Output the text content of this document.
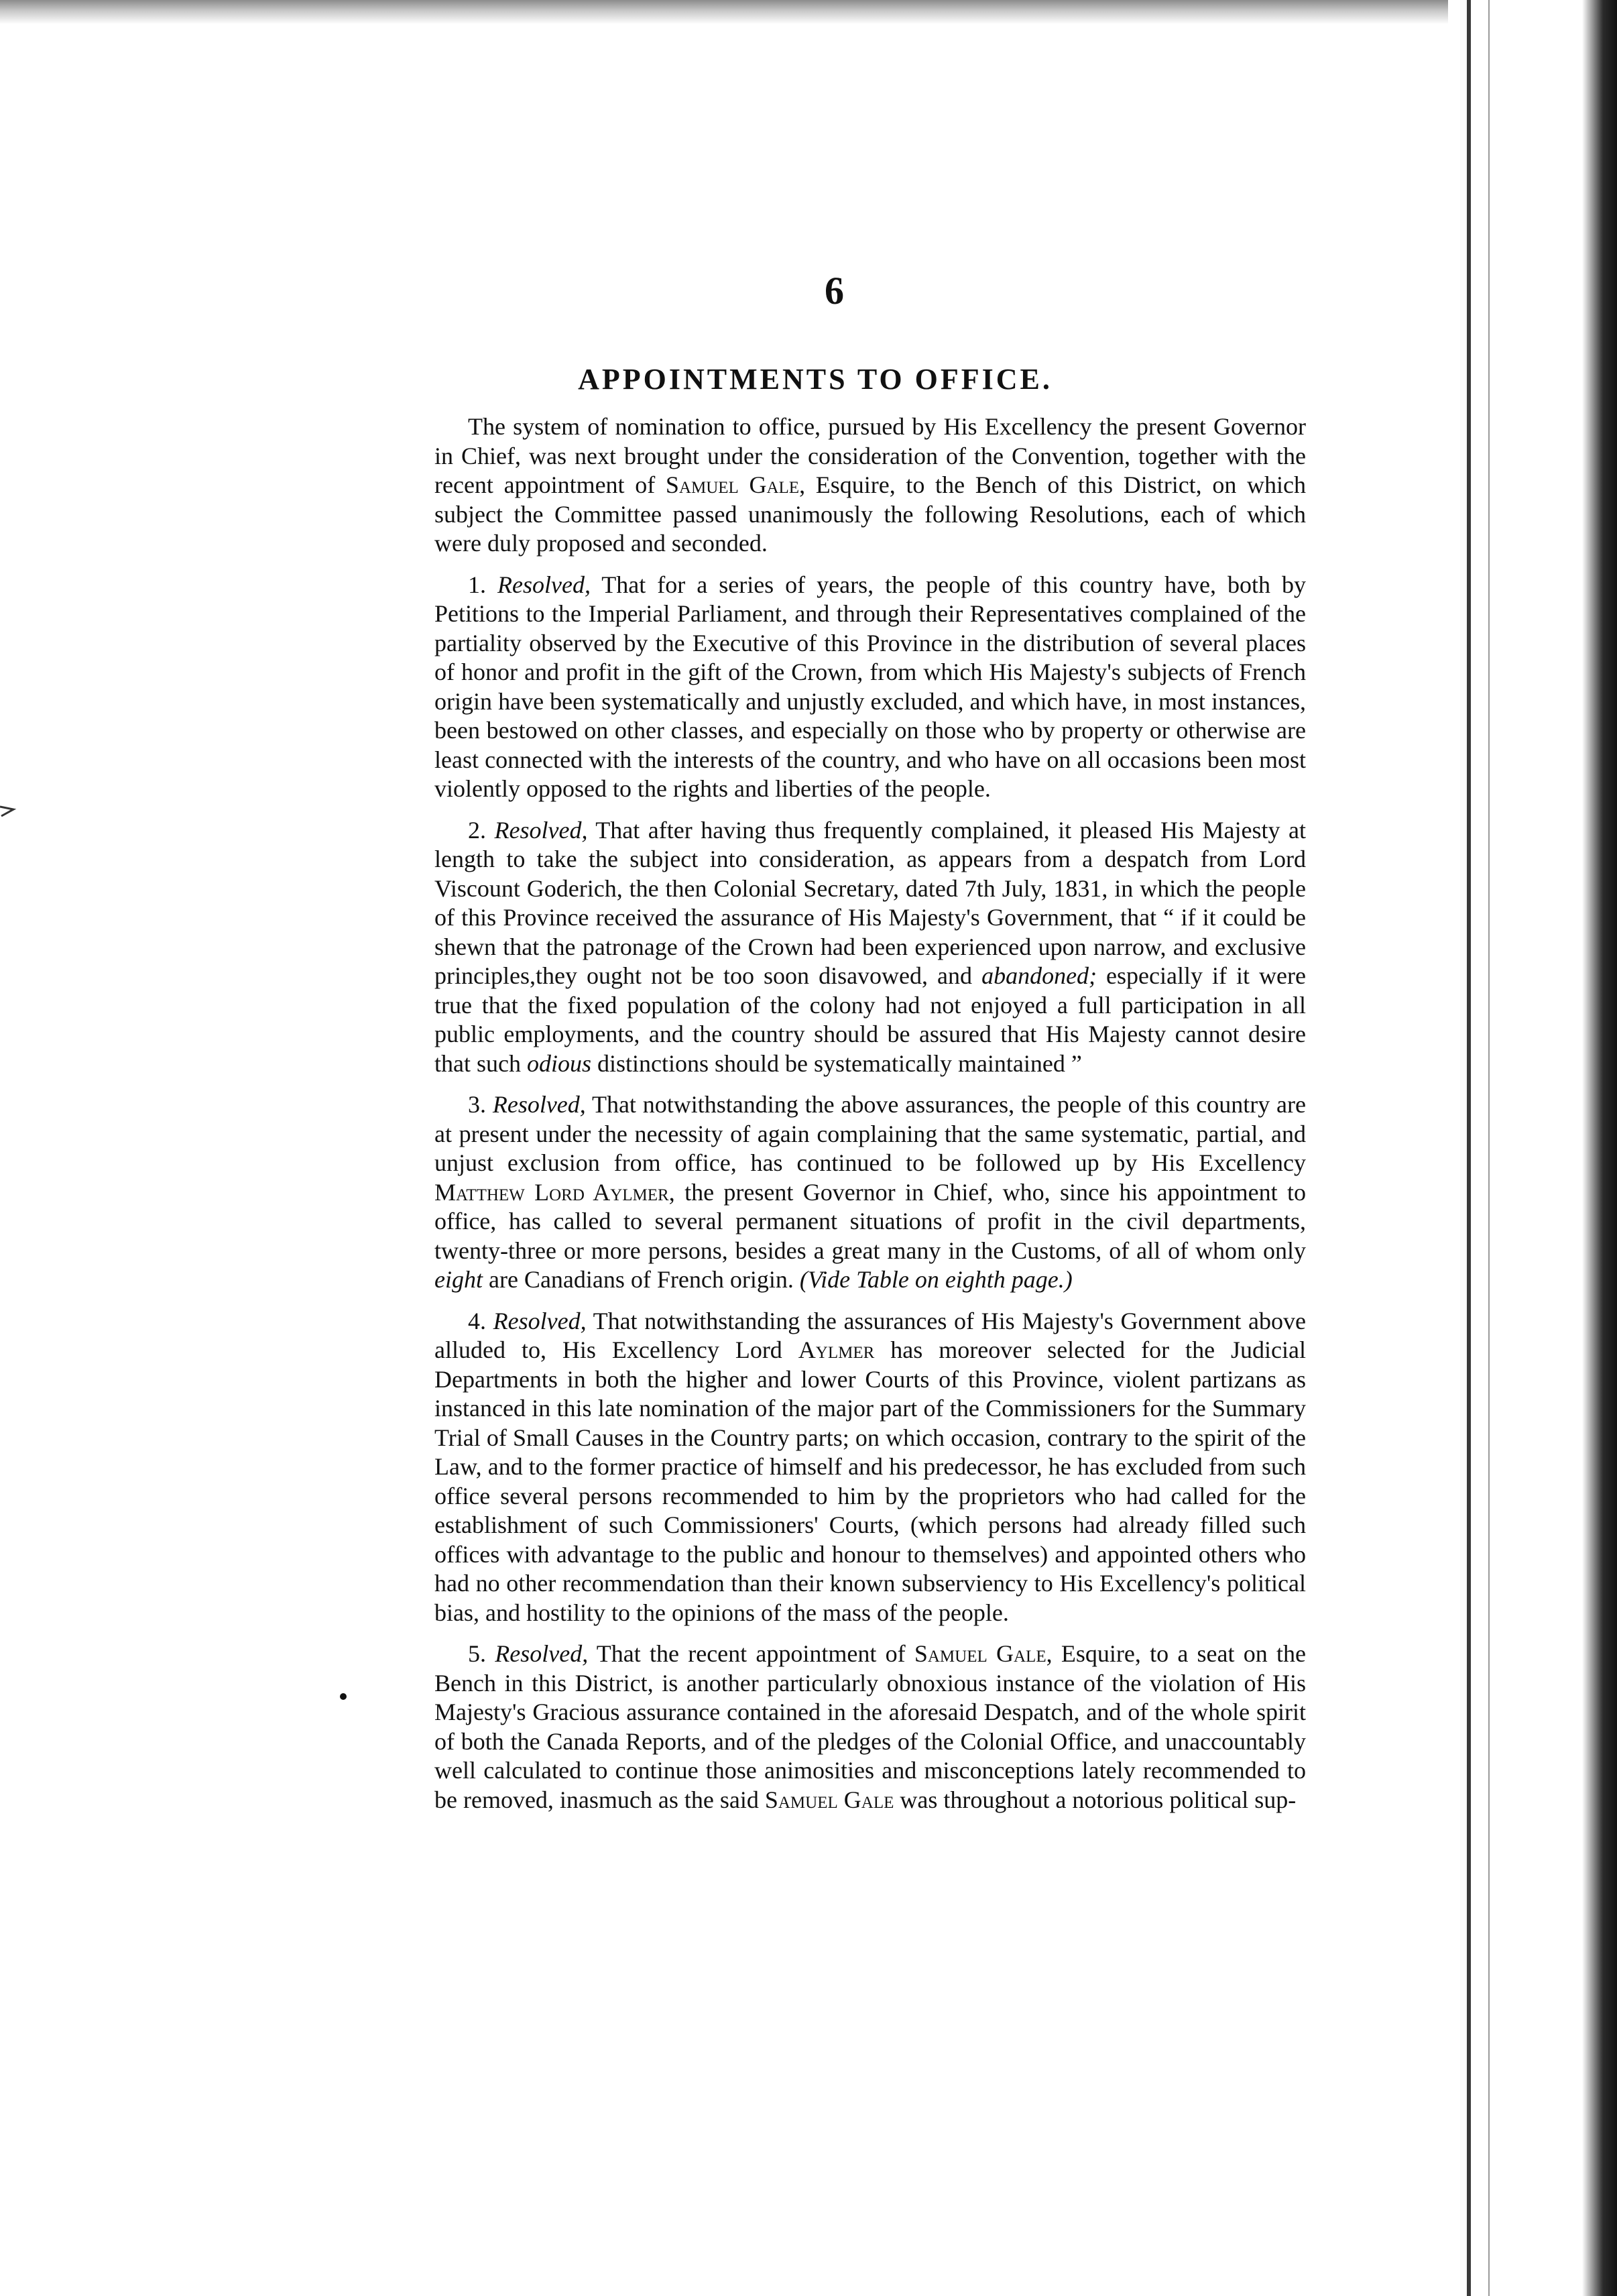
6
APPOINTMENTS TO OFFICE.

The system of nomination to office, pursued by His Excellency the present Governor in Chief, was next brought under the consideration of the Convention, together with the recent appointment of Samuel Gale, Esquire, to the Bench of this District, on which subject the Committee passed unanimously the following Resolutions, each of which were duly proposed and seconded.

1. Resolved, That for a series of years, the people of this country have, both by Petitions to the Imperial Parliament, and through their Representatives complained of the partiality observed by the Executive of this Province in the distribution of several places of honor and profit in the gift of the Crown, from which His Majesty's subjects of French origin have been systematically and unjustly excluded, and which have, in most instances, been bestowed on other classes, and especially on those who by property or otherwise are least connected with the interests of the country, and who have on all occasions been most violently opposed to the rights and liberties of the people.

2. Resolved, That after having thus frequently complained, it pleased His Majesty at length to take the subject into consideration, as appears from a despatch from Lord Viscount Goderich, the then Colonial Secretary, dated 7th July, 1831, in which the people of this Province received the assurance of His Majesty's Government, that “ if it could be shewn that the patronage of the Crown had been experienced upon narrow, and exclusive principles,they ought not be too soon disavowed, and abandoned; especially if it were true that the fixed population of the colony had not enjoyed a full participation in all public employments, and the country should be assured that His Majesty cannot desire that such odious distinctions should be systematically maintained ”

3. Resolved, That notwithstanding the above assurances, the people of this country are at present under the necessity of again complaining that the same systematic, partial, and unjust exclusion from office, has continued to be followed up by His Excellency Matthew Lord Aylmer, the present Governor in Chief, who, since his appointment to office, has called to several permanent situations of profit in the civil departments, twenty-three or more persons, besides a great many in the Customs, of all of whom only eight are Canadians of French origin. (Vide Table on eighth page.)

4. Resolved, That notwithstanding the assurances of His Majesty's Government above alluded to, His Excellency Lord Aylmer has moreover selected for the Judicial Departments in both the higher and lower Courts of this Province, violent partizans as instanced in this late nomination of the major part of the Commissioners for the Summary Trial of Small Causes in the Country parts; on which occasion, contrary to the spirit of the Law, and to the former practice of himself and his predecessor, he has excluded from such office several persons recommended to him by the proprietors who had called for the establishment of such Commissioners' Courts, (which persons had already filled such offices with advantage to the public and honour to themselves) and appointed others who had no other recommendation than their known subserviency to His Excellency's political bias, and hostility to the opinions of the mass of the people.

5. Resolved, That the recent appointment of Samuel Gale, Esquire, to a seat on the Bench in this District, is another particularly obnoxious instance of the violation of His Majesty's Gracious assurance contained in the aforesaid Despatch, and of the whole spirit of both the Canada Reports, and of the pledges of the Colonial Office, and unaccountably well calculated to continue those animosities and misconceptions lately recommended to be removed, inasmuch as the said Samuel Gale was throughout a notorious political sup-
